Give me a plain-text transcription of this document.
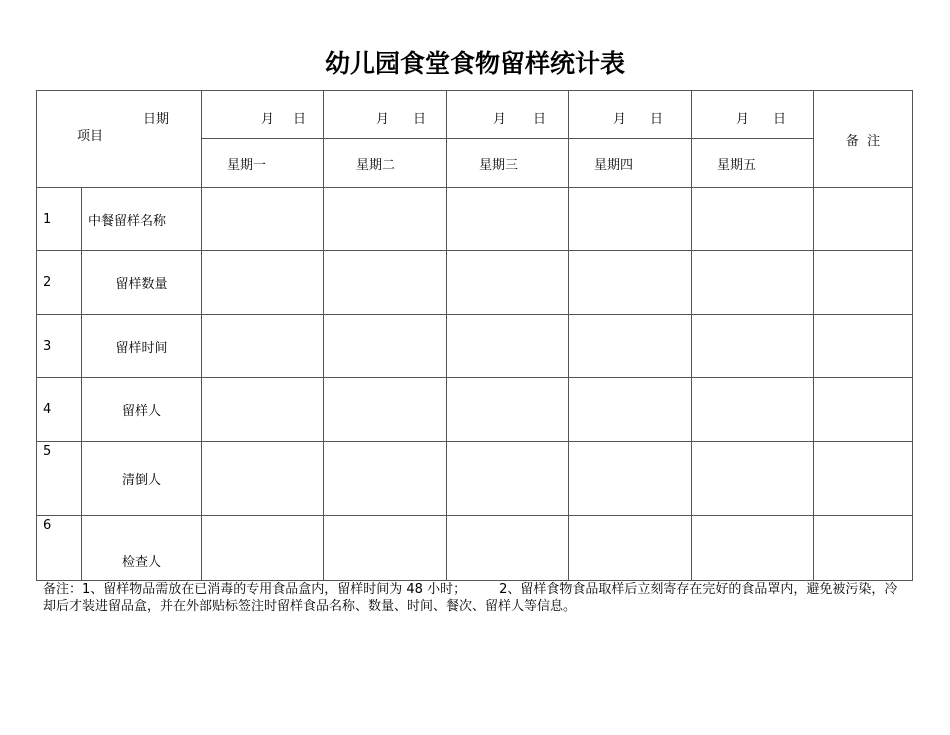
幼儿园食堂食物留样统计表
日期
项目		月 日	月 日	月 日	月 日	月 日	备  注
		星期一	星期二	星期三	星期四	星期五	
1	中餐留样名称						
2	留样数量						
3	留样时间						
4	留样人						
5	清倒人						
6	检查人						
备注：1、留样物品需放在已消毒的专用食品盒内，留样时间为 48 小时；        2、留样食物食品取样后立刻寄存在完好的食品罩内，避免被污染，冷却后才装进留品盒，并在外部贴标签注时留样食品名称、数量、时间、餐次、留样人等信息。
